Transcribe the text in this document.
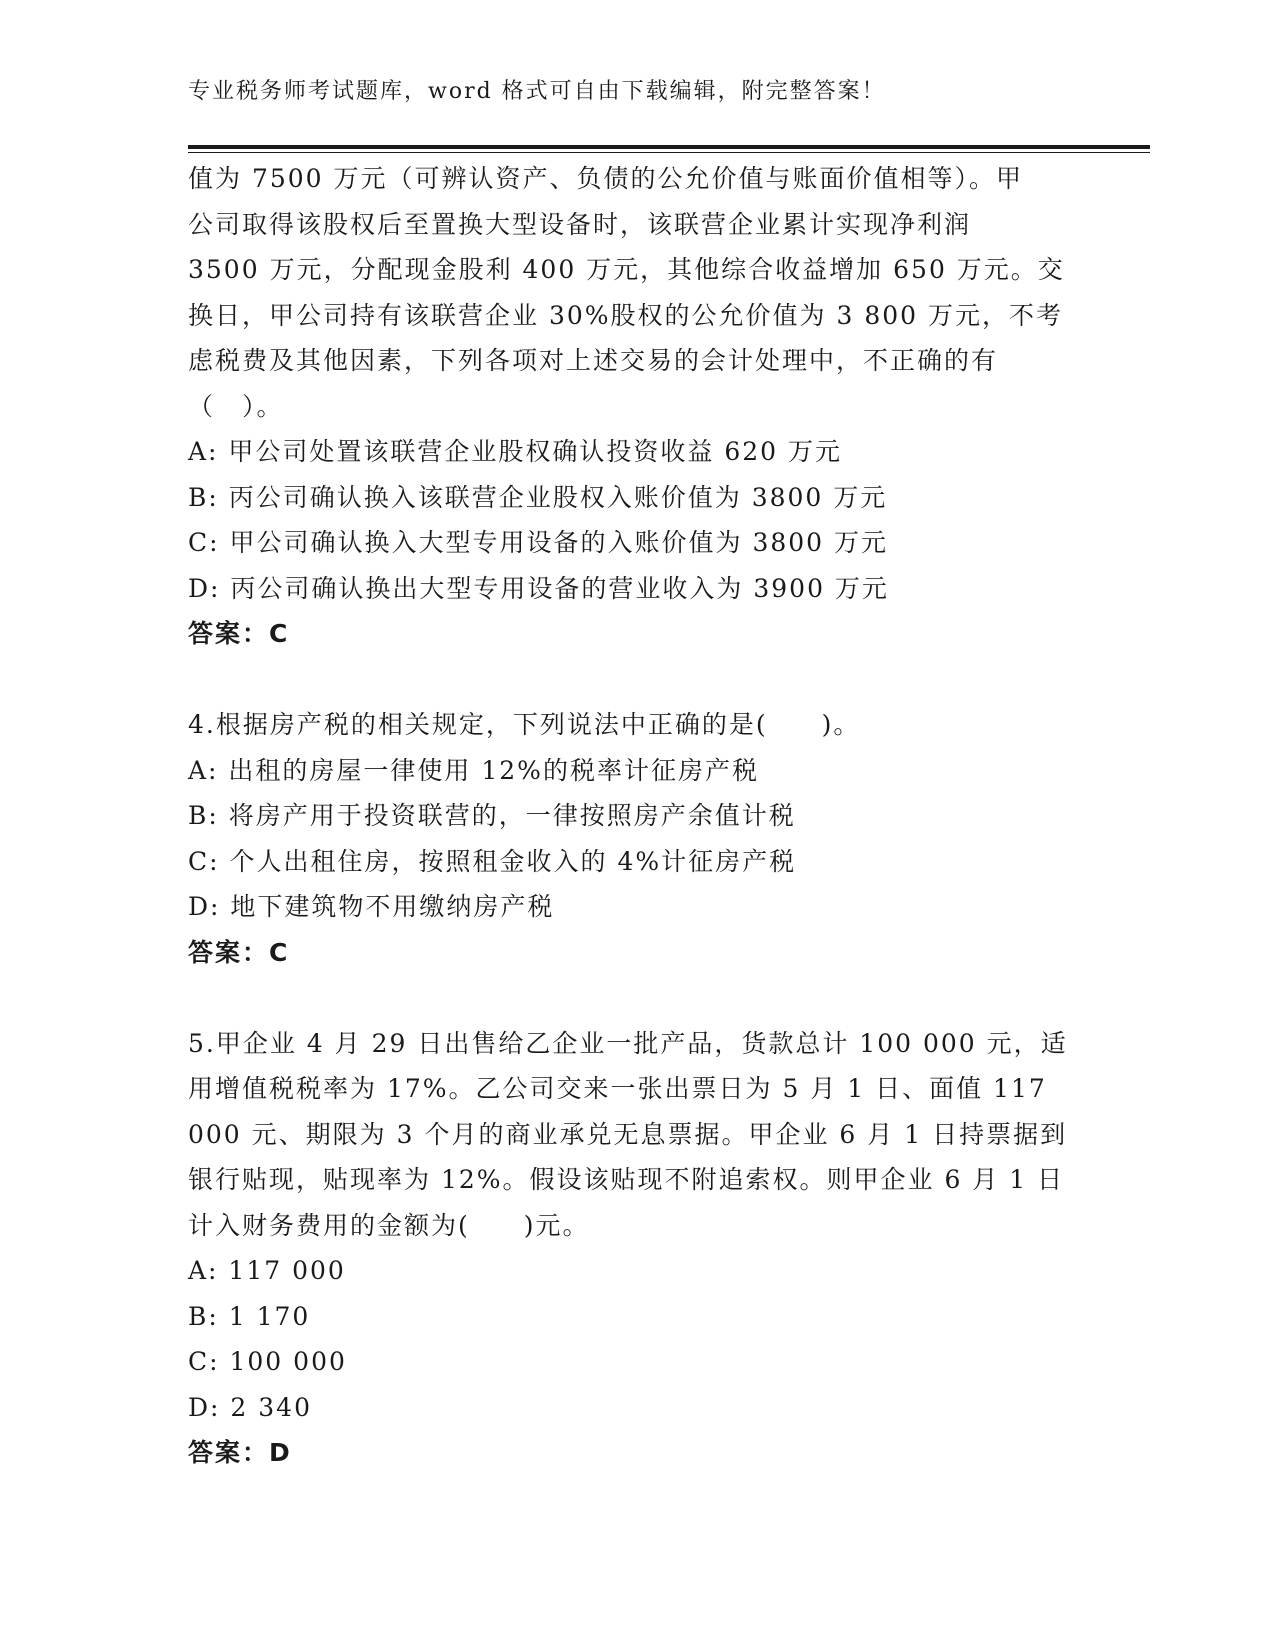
专业税务师考试题库，word 格式可自由下载编辑，附完整答案！
值为 7500 万元（可辨认资产、负债的公允价值与账面价值相等）。甲
公司取得该股权后至置换大型设备时，该联营企业累计实现净利润
3500 万元，分配现金股利 400 万元，其他综合收益增加 650 万元。交
换日，甲公司持有该联营企业 30%股权的公允价值为 3 800 万元，不考
虑税费及其他因素，下列各项对上述交易的会计处理中，不正确的有
（　）。
A: 甲公司处置该联营企业股权确认投资收益 620 万元
B: 丙公司确认换入该联营企业股权入账价值为 3800 万元
C: 甲公司确认换入大型专用设备的入账价值为 3800 万元
D: 丙公司确认换出大型专用设备的营业收入为 3900 万元
答案：C
4.根据房产税的相关规定，下列说法中正确的是(　　)。
A: 出租的房屋一律使用 12%的税率计征房产税
B: 将房产用于投资联营的，一律按照房产余值计税
C: 个人出租住房，按照租金收入的 4%计征房产税
D: 地下建筑物不用缴纳房产税
答案：C
5.甲企业 4 月 29 日出售给乙企业一批产品，货款总计 100 000 元，适
用增值税税率为 17%。乙公司交来一张出票日为 5 月 1 日、面值 117
000 元、期限为 3 个月的商业承兑无息票据。甲企业 6 月 1 日持票据到
银行贴现，贴现率为 12%。假设该贴现不附追索权。则甲企业 6 月 1 日
计入财务费用的金额为(　　)元。
A: 117 000
B: 1 170
C: 100 000
D: 2 340
答案：D
